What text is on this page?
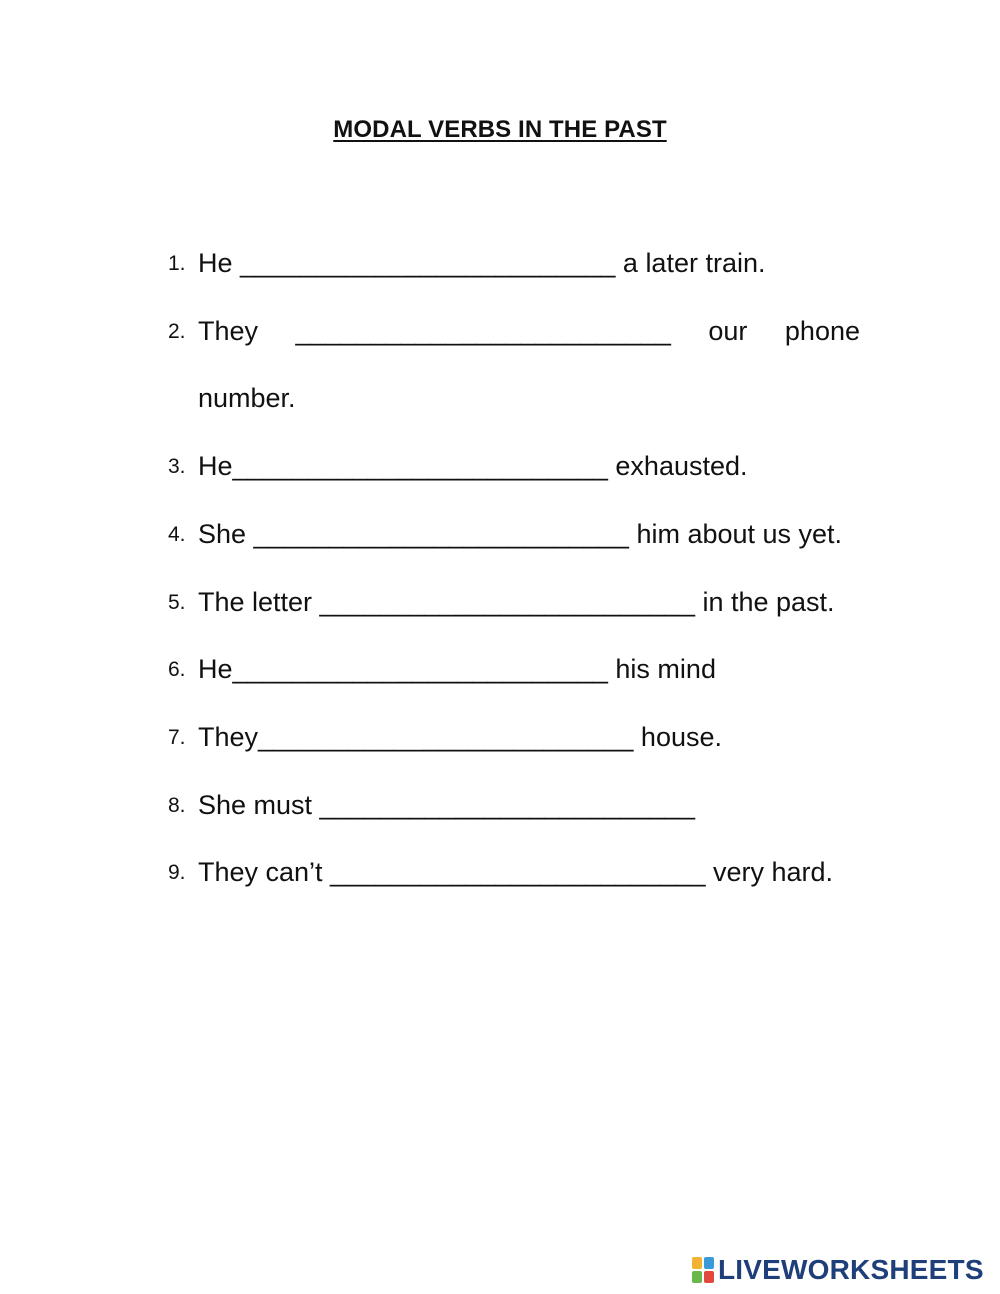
MODAL VERBS IN THE PAST
1. He _________________________ a later train.
2. They _________________________ our phone number.
3. He_________________________ exhausted.
4. She _________________________ him about us yet.
5. The letter _________________________ in the past.
6. He_________________________ his mind
7. They_________________________ house.
8. She must _________________________
9. They can’t _________________________ very hard.
LIVEWORKSHEETS
